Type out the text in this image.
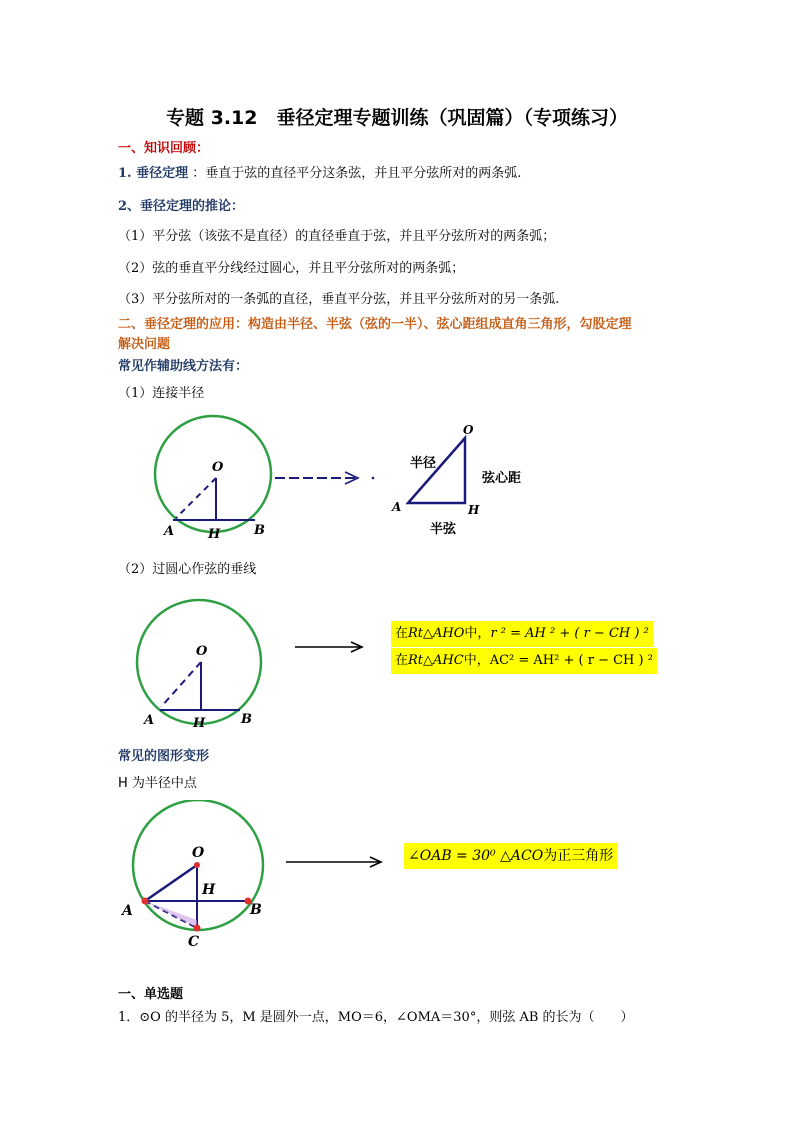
专题 3.12　垂径定理专题训练（巩固篇）（专项练习）
一、知识回顾：
1. 垂径定理 ：垂直于弦的直径平分这条弦，并且平分弦所对的两条弧.
2、垂径定理的推论：
（1）平分弦（该弦不是直径）的直径垂直于弦，并且平分弦所对的两条弧；
（2）弦的垂直平分线经过圆心，并且平分弦所对的两条弧；
（3）平分弦所对的一条弧的直径，垂直平分弦，并且平分弦所对的另一条弧.
二、垂径定理的应用：构造由半径、半弦（弦的一半）、弦心距组成直角三角形，勾股定理
解决问题
常见作辅助线方法有：
（1）连接半径
O
A	H	B
O
A	H
半径
弦心距
半弦
（2）过圆心作弦的垂线
O
A	H	B
在Rt△AHO中，r ² = AH ² + ( r − CH ) ²
在Rt△AHC中，AC² = AH² + ( r − CH ) ²
常见的图形变形
H 为半径中点
O
H
A	B
C
∠OAB = 30⁰ △ACO为正三角形
一、单选题
1．⊙O 的半径为 5，M 是圆外一点，MO＝6，∠OMA＝30°，则弦 AB 的长为（　　）
